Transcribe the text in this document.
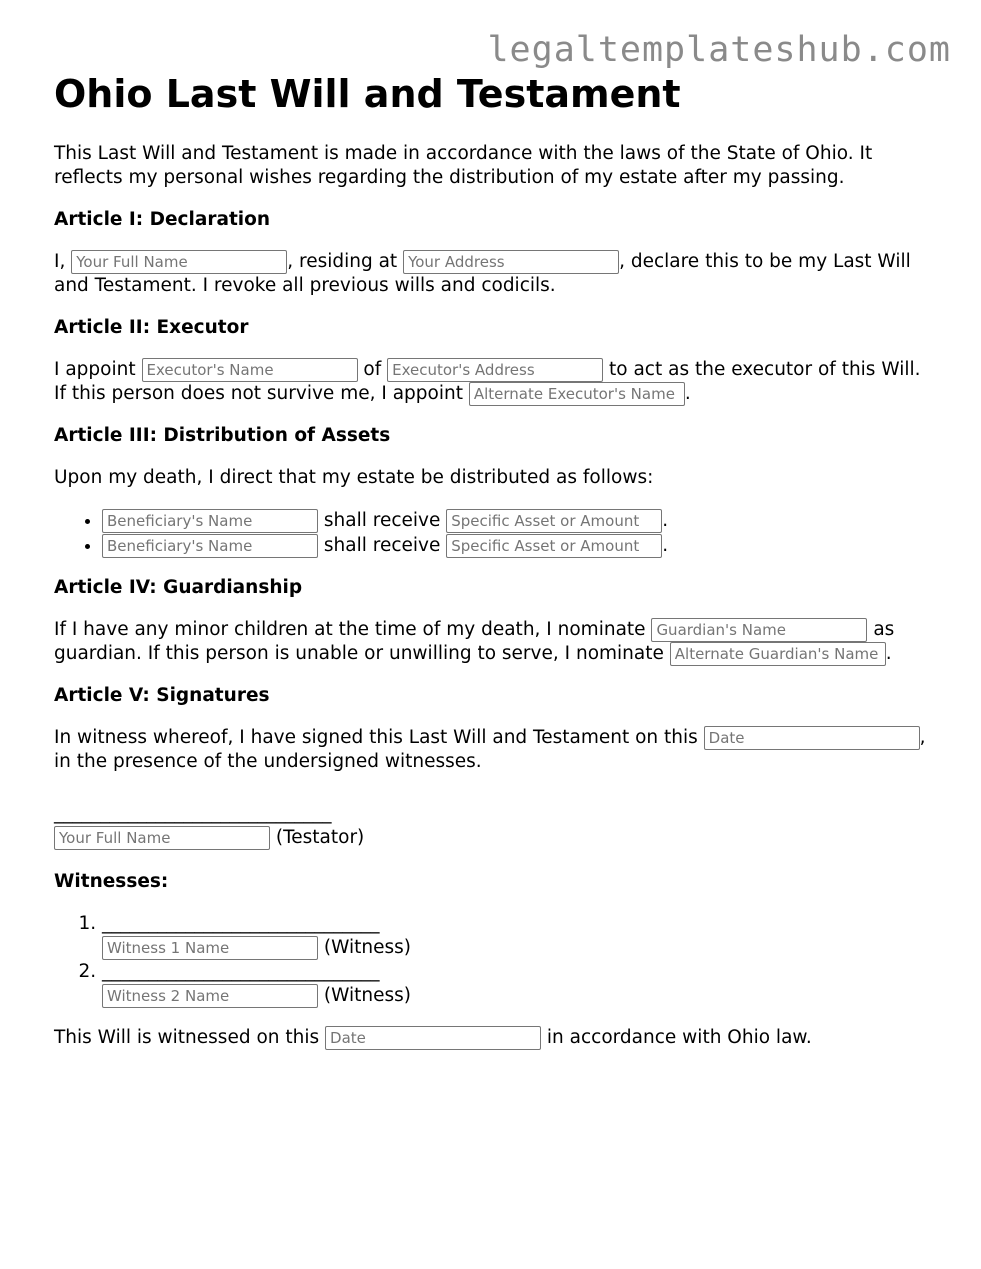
legaltemplateshub.com
Ohio Last Will and Testament

This Last Will and Testament is made in accordance with the laws of the State of Ohio. It reflects my personal wishes regarding the distribution of my estate after my passing.

Article I: Declaration

I, Your Full Name	, residing at Your Address	, declare this to be my Last Will and Testament. I revoke all previous wills and codicils.

Article II: Executor

I appoint Executor's Name	of Executor's Address	to act as the executor of this Will. If this person does not survive me, I appoint Alternate Executor's Name	.

Article III: Distribution of Assets

Upon my death, I direct that my estate be distributed as follows:

Beneficiary's Name • shall receive Specific Asset or Amount	.
Beneficiary's Name • shall receive Specific Asset or Amount	.
Article IV: Guardianship

If I have any minor children at the time of my death, I nominate Guardian's Name	as guardian. If this person is unable or unwilling to serve, I nominate Alternate Guardian's Name	.

Article V: Signatures

In witness whereof, I have signed this Last Will and Testament on this Date	, in the presence of the undersigned witnesses.

______________________________
Your Full Name (Testator)
Witnesses:
1. ______________________________
Witness 1 Name (Witness)
2. ______________________________
Witness 2 Name (Witness)

This Will is witnessed on this Date	in accordance with Ohio law.
